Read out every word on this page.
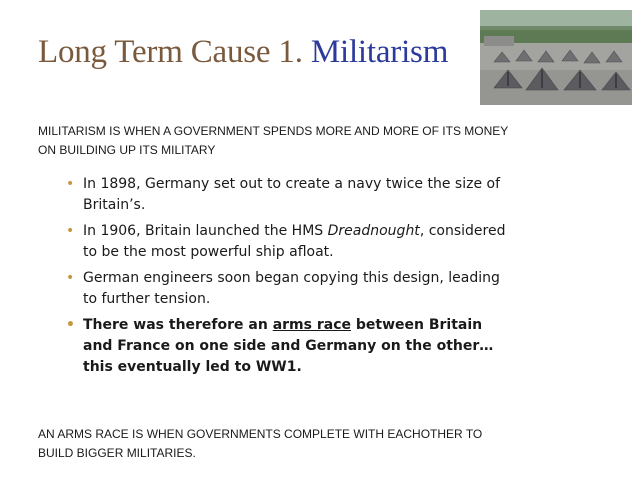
Long Term Cause 1. Militarism
MILITARISM IS WHEN A GOVERNMENT SPENDS MORE AND MORE OF ITS MONEY ON BUILDING UP ITS MILITARY
• In 1898, Germany set out to create a navy twice the size of Britain’s.
• In 1906, Britain launched the HMS Dreadnought, considered to be the most powerful ship afloat.
• German engineers soon began copying this design, leading to further tension.
• There was therefore an arms race between Britain and France on one side and Germany on the other…this eventually led to WW1.
AN ARMS RACE IS WHEN GOVERNMENTS COMPLETE WITH EACHOTHER TO BUILD BIGGER MILITARIES.
